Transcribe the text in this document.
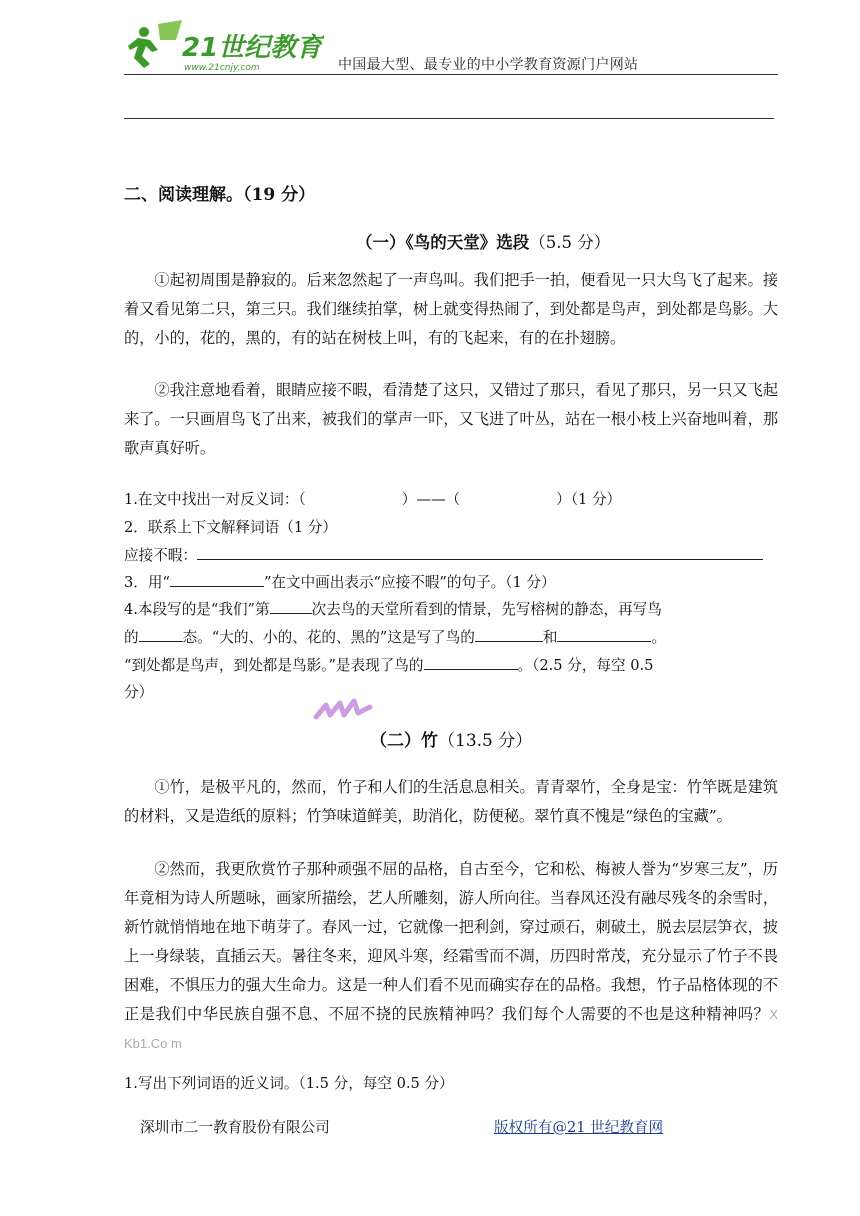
21世纪教育
www.21cnjy.com	中国最大型、最专业的中小学教育资源门户网站
二、阅读理解。（19 分）
（一）《鸟的天堂》选段（5.5 分）
①起初周围是静寂的。后来忽然起了一声鸟叫。我们把手一拍，便看见一只大鸟飞了起来。接着又看见第二只，第三只。我们继续拍掌，树上就变得热闹了，到处都是鸟声，到处都是鸟影。大的，小的，花的，黑的，有的站在树枝上叫，有的飞起来，有的在扑翅膀。
②我注意地看着，眼睛应接不暇，看清楚了这只，又错过了那只，看见了那只，另一只又飞起来了。一只画眉鸟飞了出来，被我们的掌声一吓，又飞进了叶丛，站在一根小枝上兴奋地叫着，那歌声真好听。
1.在文中找出一对反义词：（	）——（	）（1 分）
2．联系上下文解释词语（1 分）
应接不暇：
3．用“	”在文中画出表示“应接不暇”的句子。（1 分）
4.本段写的是“我们”第	次去鸟的天堂所看到的情景，先写榕树的静态，再写鸟
的	态。“大的、小的、花的、黑的”这是写了鸟的	和	。
“到处都是鸟声，到处都是鸟影。”是表现了鸟的	。（2.5 分，每空 0.5
分）
（二）竹（13.5 分）
①竹，是极平凡的，然而，竹子和人们的生活息息相关。青青翠竹，全身是宝：竹竿既是建筑的材料，又是造纸的原料；竹笋味道鲜美，助消化，防便秘。翠竹真不愧是“绿色的宝藏”。
②然而，我更欣赏竹子那种顽强不屈的品格，自古至今，它和松、梅被人誉为“岁寒三友”，历年竟相为诗人所题咏，画家所描绘，艺人所雕刻，游人所向往。当春风还没有融尽残冬的余雪时，新竹就悄悄地在地下萌芽了。春风一过，它就像一把利剑，穿过顽石，刺破土，脱去层层笋衣，披上一身绿装，直插云天。暑往冬来，迎风斗寒，经霜雪而不凋，历四时常茂，充分显示了竹子不畏困难，不惧压力的强大生命力。这是一种人们看不见而确实存在的品格。我想，竹子品格体现的不正是我们中华民族自强不息、不屈不挠的民族精神吗？我们每个人需要的不也是这种精神吗？X Kb1.Co m
1.写出下列词语的近义词。（1.5 分，每空 0.5 分）
深圳市二一教育股份有限公司	版权所有@21 世纪教育网
